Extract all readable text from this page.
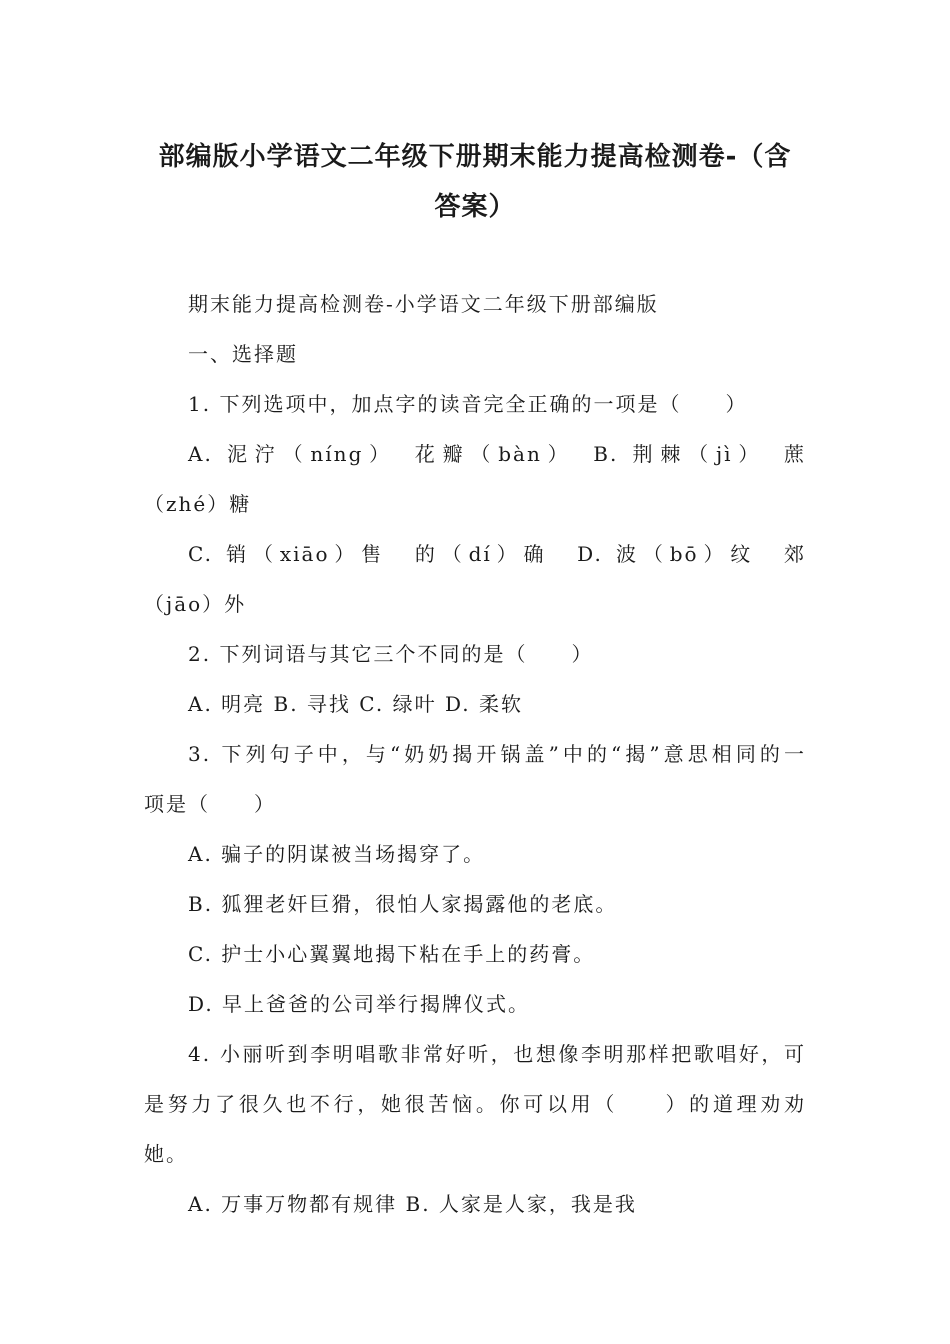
部编版小学语文二年级下册期末能力提高检测卷-（含
答案）
期末能力提高检测卷-小学语文二年级下册部编版
一、选择题
1. 下列选项中，加点字的读音完全正确的一项是（　　）
A. 泥泞（níng）　花瓣（bàn）　B. 荆棘（jì）　蔗
（zhé）糖
C. 销（xiāo）售　的（dí）确　D. 波（bō）纹　郊
（jāo）外
2. 下列词语与其它三个不同的是（　　）
A. 明亮 B. 寻找 C. 绿叶 D. 柔软
3. 下列句子中，与“奶奶揭开锅盖”中的“揭”意思相同的一
项是（　　）
A. 骗子的阴谋被当场揭穿了。
B. 狐狸老奸巨猾，很怕人家揭露他的老底。
C. 护士小心翼翼地揭下粘在手上的药膏。
D. 早上爸爸的公司举行揭牌仪式。
4. 小丽听到李明唱歌非常好听，也想像李明那样把歌唱好，可
是努力了很久也不行，她很苦恼。你可以用（　　）的道理劝劝
她。
A. 万事万物都有规律 B. 人家是人家，我是我
